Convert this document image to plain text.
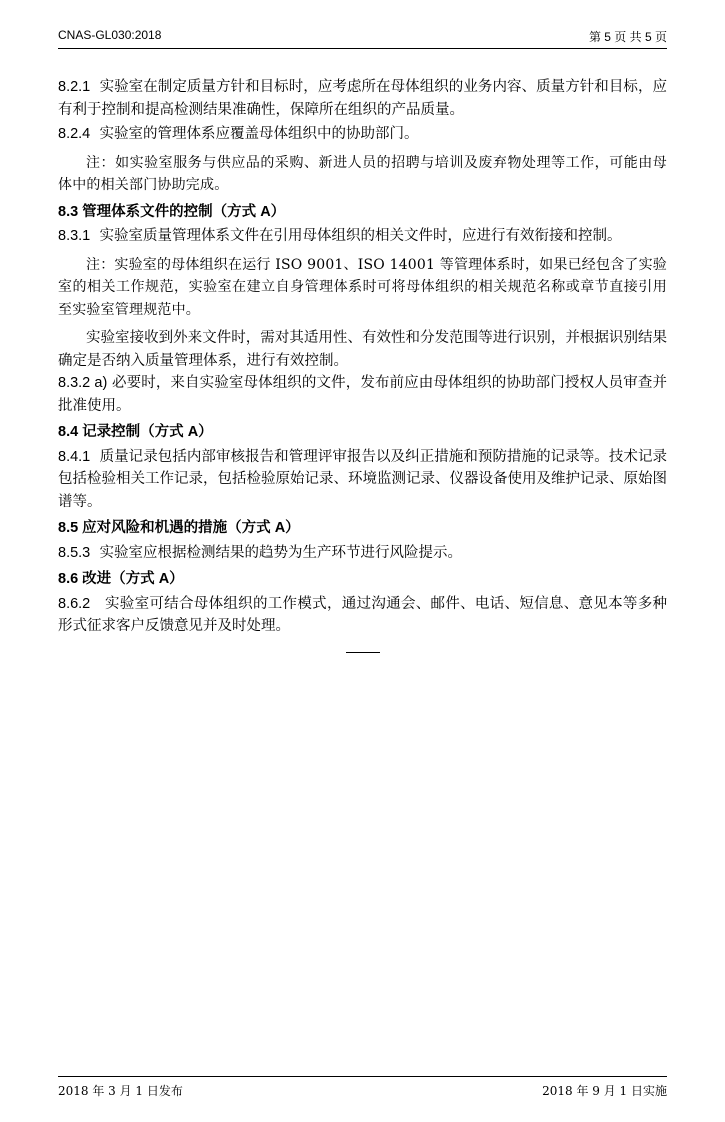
CNAS-GL030:2018	第 5 页 共 5 页

8.2.1 实验室在制定质量方针和目标时，应考虑所在母体组织的业务内容、质量方针和目标，应有利于控制和提高检测结果准确性，保障所在组织的产品质量。

8.2.4 实验室的管理体系应覆盖母体组织中的协助部门。

注：如实验室服务与供应品的采购、新进人员的招聘与培训及废弃物处理等工作，可能由母体中的相关部门协助完成。

8.3 管理体系文件的控制（方式 A）

8.3.1 实验室质量管理体系文件在引用母体组织的相关文件时，应进行有效衔接和控制。

注：实验室的母体组织在运行 ISO 9001、ISO 14001 等管理体系时，如果已经包含了实验室的相关工作规范，实验室在建立自身管理体系时可将母体组织的相关规范名称或章节直接引用至实验室管理规范中。

实验室接收到外来文件时，需对其适用性、有效性和分发范围等进行识别，并根据识别结果确定是否纳入质量管理体系，进行有效控制。

8.3.2 a) 必要时，来自实验室母体组织的文件，发布前应由母体组织的协助部门授权人员审查并批准使用。

8.4 记录控制（方式 A）

8.4.1 质量记录包括内部审核报告和管理评审报告以及纠正措施和预防措施的记录等。技术记录包括检验相关工作记录，包括检验原始记录、环境监测记录、仪器设备使用及维护记录、原始图谱等。

8.5 应对风险和机遇的措施（方式 A）

8.5.3 实验室应根据检测结果的趋势为生产环节进行风险提示。

8.6 改进（方式 A）

8.6.2 实验室可结合母体组织的工作模式，通过沟通会、邮件、电话、短信息、意见本等多种形式征求客户反馈意见并及时处理。

2018 年 3 月 1 日发布	2018 年 9 月 1 日实施
